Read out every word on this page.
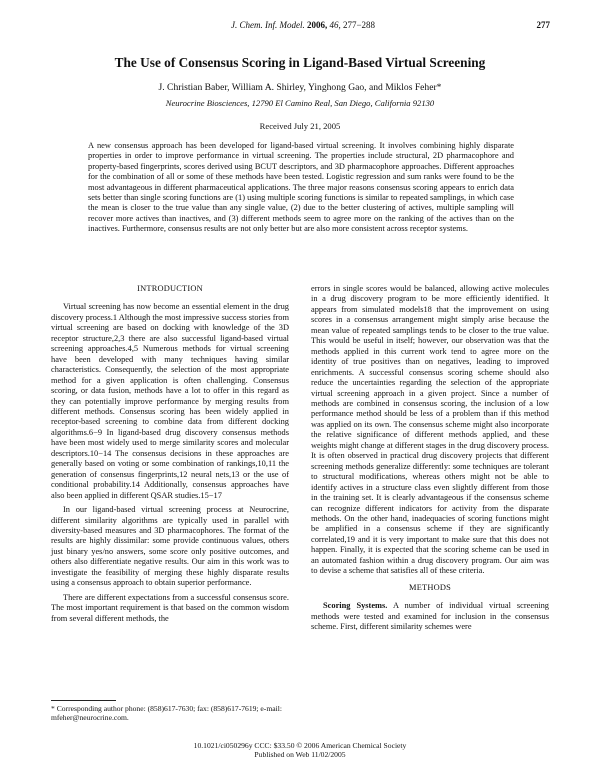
J. Chem. Inf. Model. 2006, 46, 277−288	277
The Use of Consensus Scoring in Ligand-Based Virtual Screening
J. Christian Baber, William A. Shirley, Yinghong Gao, and Miklos Feher*
Neurocrine Biosciences, 12790 El Camino Real, San Diego, California 92130
Received July 21, 2005

A new consensus approach has been developed for ligand-based virtual screening. It involves combining highly disparate properties in order to improve performance in virtual screening. The properties include structural, 2D pharmacophore and property-based fingerprints, scores derived using BCUT descriptors, and 3D pharmacophore approaches. Different approaches for the combination of all or some of these methods have been tested. Logistic regression and sum ranks were found to be the most advantageous in different pharmaceutical applications. The three major reasons consensus scoring appears to enrich data sets better than single scoring functions are (1) using multiple scoring functions is similar to repeated samplings, in which case the mean is closer to the true value than any single value, (2) due to the better clustering of actives, multiple sampling will recover more actives than inactives, and (3) different methods seem to agree more on the ranking of the actives than on the inactives. Furthermore, consensus results are not only better but are also more consistent across receptor systems.

INTRODUCTION

Virtual screening has now become an essential element in the drug discovery process.1 Although the most impressive success stories from virtual screening are based on docking with knowledge of the 3D receptor structure,2,3 there are also successful ligand-based virtual screening approaches.4,5 Numerous methods for virtual screening have been developed with many techniques having similar characteristics. Consequently, the selection of the most appropriate method for a given application is often challenging. Consensus scoring, or data fusion, methods have a lot to offer in this regard as they can potentially improve performance by merging results from different methods. Consensus scoring has been widely applied in receptor-based screening to combine data from different docking algorithms.6−9 In ligand-based drug discovery consensus methods have been most widely used to merge similarity scores and molecular descriptors.10−14 The consensus decisions in these approaches are generally based on voting or some combination of rankings,10,11 the generation of consensus fingerprints,12 neural nets,13 or the use of conditional probability.14 Additionally, consensus approaches have also been applied in different QSAR studies.15−17

In our ligand-based virtual screening process at Neurocrine, different similarity algorithms are typically used in parallel with diversity-based measures and 3D pharmacophores. The format of the results are highly dissimilar: some provide continuous values, others just binary yes/no answers, some score only positive outcomes, and others also differentiate negative results. Our aim in this work was to investigate the feasibility of merging these highly disparate results using a consensus approach to obtain superior performance.

There are different expectations from a successful consensus score. The most important requirement is that based on the common wisdom from several different methods, the

errors in single scores would be balanced, allowing active molecules in a drug discovery program to be more efficiently identified. It appears from simulated models18 that the improvement on using scores in a consensus arrangement might simply arise because the mean value of repeated samplings tends to be closer to the true value. This would be useful in itself; however, our observation was that the methods applied in this current work tend to agree more on the identity of true positives than on negatives, leading to improved enrichments. A successful consensus scoring scheme should also reduce the uncertainties regarding the selection of the appropriate virtual screening approach in a given project. Since a number of methods are combined in consensus scoring, the inclusion of a low performance method should be less of a problem than if this method was applied on its own. The consensus scheme might also incorporate the relative significance of different methods applied, and these weights might change at different stages in the drug discovery process. It is often observed in practical drug discovery projects that different screening methods generalize differently: some techniques are tolerant to structural modifications, whereas others might not be able to identify actives in a structure class even slightly different from those in the training set. It is clearly advantageous if the consensus scheme can recognize different indicators for activity from the disparate methods. On the other hand, inadequacies of scoring functions might be amplified in a consensus scheme if they are significantly correlated,19 and it is very important to make sure that this does not happen. Finally, it is expected that the scoring scheme can be used in an automated fashion within a drug discovery program. Our aim was to devise a scheme that satisfies all of these criteria.

METHODS

Scoring Systems. A number of individual virtual screening methods were tested and examined for inclusion in the consensus scheme. First, different similarity schemes were

* Corresponding author phone: (858)617-7630; fax: (858)617-7619; e-mail: mfeher@neurocrine.com.
10.1021/ci050296y CCC: $33.50 © 2006 American Chemical Society
Published on Web 11/02/2005
